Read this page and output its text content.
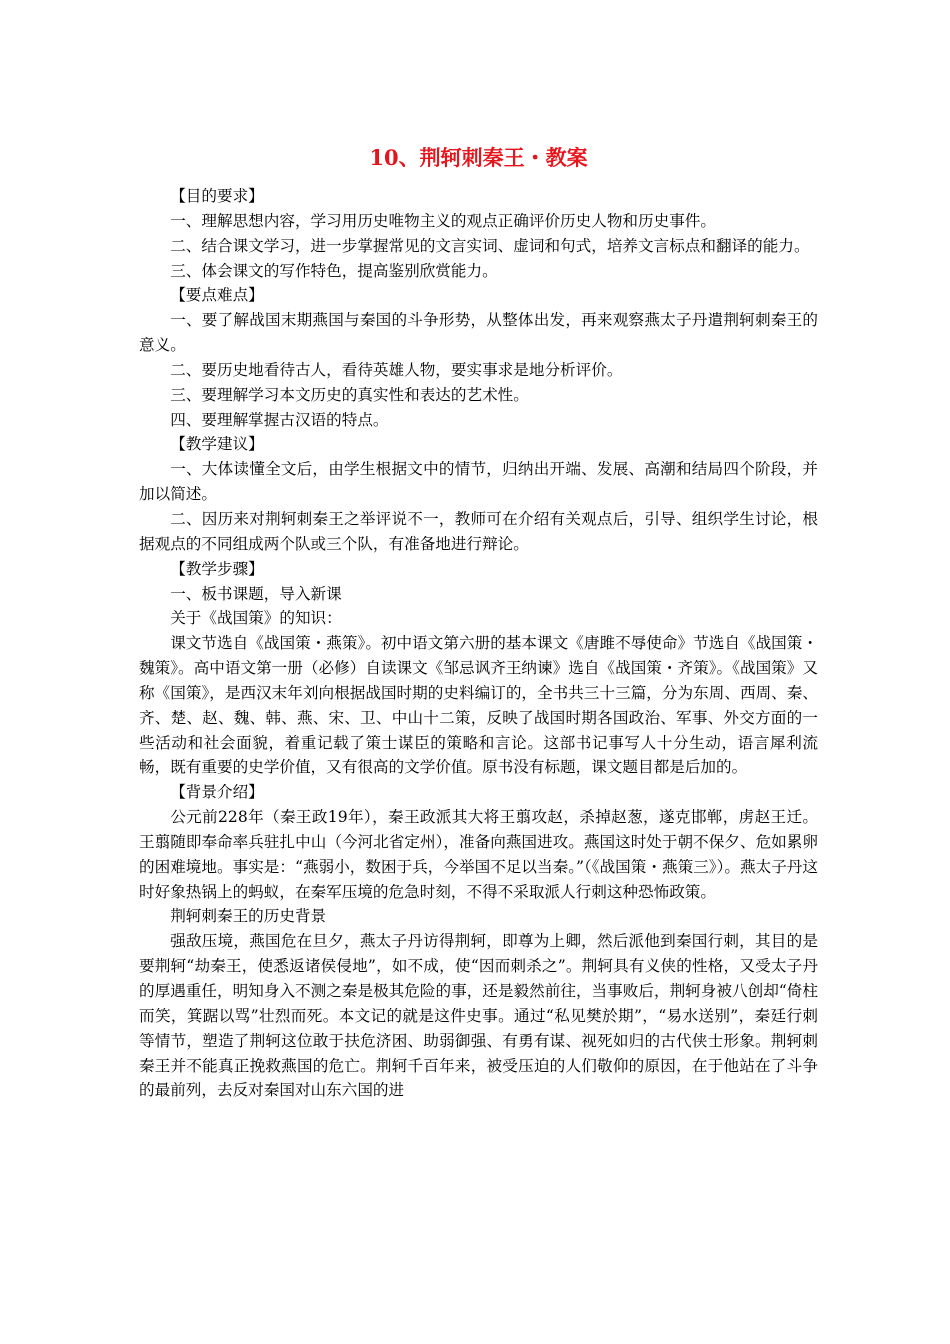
10、荆轲刺秦王・教案

【目的要求】

一、理解思想内容，学习用历史唯物主义的观点正确评价历史人物和历史事件。

二、结合课文学习，进一步掌握常见的文言实词、虚词和句式，培养文言标点和翻译的能力。

三、体会课文的写作特色，提高鉴别欣赏能力。

【要点难点】

一、要了解战国末期燕国与秦国的斗争形势，从整体出发，再来观察燕太子丹遣荆轲刺秦王的意义。

二、要历史地看待古人，看待英雄人物，要实事求是地分析评价。

三、要理解学习本文历史的真实性和表达的艺术性。

四、要理解掌握古汉语的特点。

【教学建议】

一、大体读懂全文后，由学生根据文中的情节，归纳出开端、发展、高潮和结局四个阶段，并加以简述。

二、因历来对荆轲刺秦王之举评说不一，教师可在介绍有关观点后，引导、组织学生讨论，根据观点的不同组成两个队或三个队，有准备地进行辩论。

【教学步骤】

一、板书课题，导入新课

关于《战国策》的知识：

课文节选自《战国策・燕策》。初中语文第六册的基本课文《唐雎不辱使命》节选自《战国策・魏策》。高中语文第一册（必修）自读课文《邹忌讽齐王纳谏》选自《战国策・齐策》。《战国策》又称《国策》，是西汉末年刘向根据战国时期的史料编订的，全书共三十三篇，分为东周、西周、秦、齐、楚、赵、魏、韩、燕、宋、卫、中山十二策，反映了战国时期各国政治、军事、外交方面的一些活动和社会面貌，着重记载了策士谋臣的策略和言论。这部书记事写人十分生动，语言犀利流畅，既有重要的史学价值，又有很高的文学价值。原书没有标题，课文题目都是后加的。

【背景介绍】

公元前228年（秦王政19年），秦王政派其大将王翦攻赵，杀掉赵葱，遂克邯郸，虏赵王迁。王翦随即奉命率兵驻扎中山（今河北省定州），准备向燕国进攻。燕国这时处于朝不保夕、危如累卵的困难境地。事实是：“燕弱小，数困于兵，今举国不足以当秦。”（《战国策・燕策三》）。燕太子丹这时好象热锅上的蚂蚁，在秦军压境的危急时刻，不得不采取派人行刺这种恐怖政策。

荆轲刺秦王的历史背景

强敌压境，燕国危在旦夕，燕太子丹访得荆轲，即尊为上卿，然后派他到秦国行刺，其目的是要荆轲“劫秦王，使悉返诸侯侵地”，如不成，使“因而刺杀之”。荆轲具有义侠的性格，又受太子丹的厚遇重任，明知身入不测之秦是极其危险的事，还是毅然前往，当事败后，荆轲身被八创却“倚柱而笑，箕踞以骂”壮烈而死。本文记的就是这件史事。通过“私见樊於期”，“易水送别”，秦廷行刺等情节，塑造了荆轲这位敢于扶危济困、助弱御强、有勇有谋、视死如归的古代侠士形象。荆轲刺秦王并不能真正挽救燕国的危亡。荆轲千百年来，被受压迫的人们敬仰的原因，在于他站在了斗争的最前列，去反对秦国对山东六国的进
